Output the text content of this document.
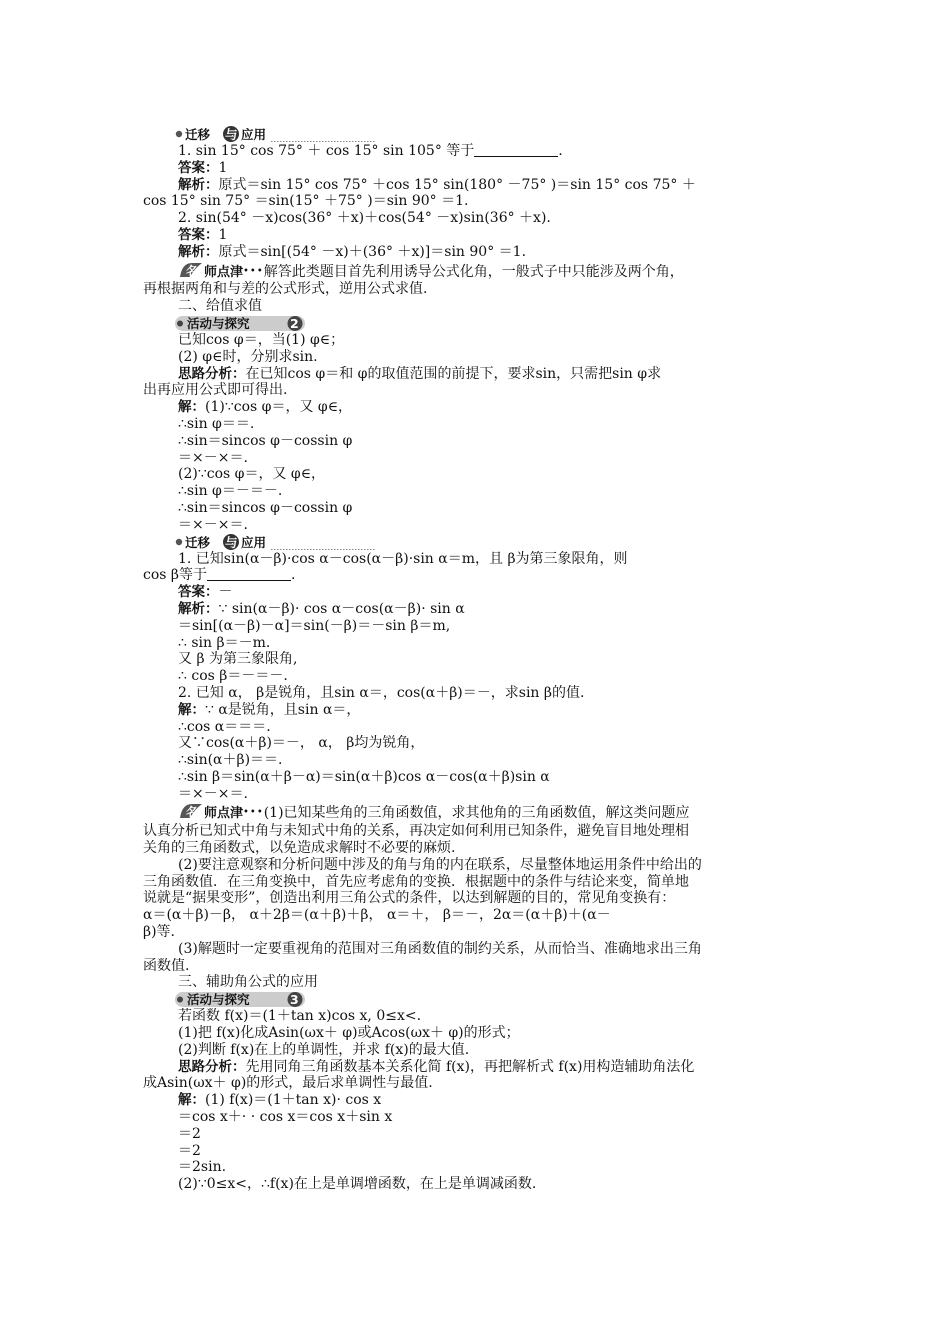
迁移 与 应用
1. sin 15° cos 75° ＋ cos 15° sin 105° 等于	.
答案：1
解析：原式＝sin 15° cos 75° ＋cos 15° sin(180° －75° )＝sin 15° cos 75° ＋
cos 15° sin 75° ＝sin(15° ＋75° )＝sin 90° ＝1.
2. sin(54° －x)cos(36° ＋x)＋cos(54° －x)sin(36° ＋x).
答案：1
解析：原式＝sin[(54° －x)＋(36° ＋x)]＝sin 90° ＝1.
名 师点津•••解答此类题目首先利用诱导公式化角，一般式子中只能涉及两个角，
再根据两角和与差的公式形式，逆用公式求值.
二、给值求值
活动与探究	2
已知cos φ＝，当(1) φ∈；
(2) φ∈时，分别求sin.
思路分析：在已知cos φ＝和 φ的取值范围的前提下，要求sin，只需把sin φ求
出再应用公式即可得出.
解：(1)∵cos φ＝，又 φ∈，
∴sin φ＝＝.
∴sin＝sincos φ－cossin φ
＝×－×＝.
(2)∵cos φ＝，又 φ∈，
∴sin φ＝－＝－.
∴sin＝sincos φ－cossin φ
＝×－×＝.
迁移 与 应用
1. 已知sin(α－β)·cos α－cos(α－β)·sin α＝m，且 β为第三象限角，则
cos β等于	.
答案：－
解析：∵ sin(α－β)· cos α－cos(α－β)· sin α
＝sin[(α－β)－α]＝sin(－β)＝－sin β＝m,
∴ sin β＝－m.
又 β 为第三象限角,
∴ cos β＝－＝－.
2. 已知 α， β是锐角，且sin α＝，cos(α＋β)＝－，求sin β的值.
解：∵ α是锐角，且sin α＝，
∴cos α＝＝＝.
又∵cos(α＋β)＝－， α， β均为锐角，
∴sin(α＋β)＝＝.
∴sin β＝sin(α＋β－α)＝sin(α＋β)cos α－cos(α＋β)sin α
＝×－×＝.
名 师点津•••(1)已知某些角的三角函数值，求其他角的三角函数值，解这类问题应
认真分析已知式中角与未知式中角的关系，再决定如何利用已知条件，避免盲目地处理相
关角的三角函数式，以免造成求解时不必要的麻烦.
(2)要注意观察和分析问题中涉及的角与角的内在联系，尽量整体地运用条件中给出的
三角函数值．在三角变换中，首先应考虑角的变换．根据题中的条件与结论来变，简单地
说就是“据果变形”，创造出利用三角公式的条件，以达到解题的目的，常见角变换有：
α＝(α＋β)－β， α＋2β＝(α＋β)＋β， α＝＋， β＝－，2α＝(α＋β)＋(α－
β)等.
(3)解题时一定要重视角的范围对三角函数值的制约关系，从而恰当、准确地求出三角
函数值.
三、辅助角公式的应用
活动与探究	3
若函数 f(x)＝(1＋tan x)cos x, 0≤x<.
(1)把 f(x)化成Asin(ωx＋ φ)或Acos(ωx＋ φ)的形式；
(2)判断 f(x)在上的单调性，并求 f(x)的最大值.
思路分析：先用同角三角函数基本关系化简 f(x)，再把解析式 f(x)用构造辅助角法化
成Asin(ωx＋ φ)的形式，最后求单调性与最值.
解：(1) f(x)＝(1＋tan x)· cos x
＝cos x＋· · cos x＝cos x＋sin x
＝2
＝2
＝2sin.
(2)∵0≤x<，∴f(x)在上是单调增函数，在上是单调减函数.
